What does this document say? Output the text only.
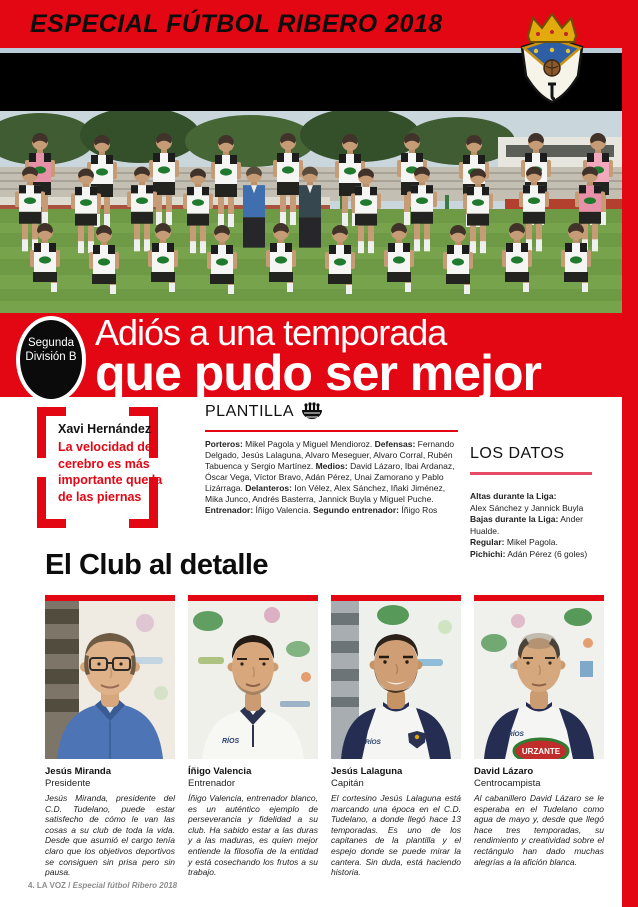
ESPECIAL FÚTBOL RIBERO 2018
Segunda
División B
Adiós a una temporada
que pudo ser mejor
Xavi Hernández
La velocidad del cerebro es más importante que la de las piernas
PLANTILLA
Porteros: Mikel Pagola y Miguel Mendioroz. Defensas: Fernando Delgado, Jesús Lalaguna, Alvaro Meseguer, Alvaro Corral, Rubén Tabuenca y Sergio Martínez. Medios: David Lázaro, Ibai Ardanaz, Óscar Vega, Víctor Bravo, Adán Pérez, Unai Zamorano y Pablo Lizárraga. Delanteros: Ion Vélez, Alex Sánchez, Iñaki Jiménez, Mika Junco, Andrés Basterra, Jannick Buyla y Miguel Puche. Entrenador: Íñigo Valencia. Segundo entrenador: Íñigo Ros
LOS DATOS
Altas durante la Liga:
Alex Sánchez y Jannick Buyla
Bajas durante la Liga: Ander Hualde.
Regular: Mikel Pagola.
Pichichi: Adán Pérez (6 goles)
El Club al detalle
Jesús Miranda
Presidente
Jesús Miranda, presidente del C.D. Tudelano, puede estar satisfecho de cómo le van las cosas a su club de toda la vida. Desde que asumió el cargo tenía claro que los objetivos deportivos se consiguen sin prisa pero sin pausa.
RÍOS
Íñigo Valencia
Entrenador
Íñigo Valencia, entrenador blanco, es un auténtico ejemplo de perseverancia y fidelidad a su club. Ha sabido estar a las duras y a las maduras, es quien mejor entiende la filosofía de la entidad y está cosechando los frutos a su trabajo.
RÍOS
Jesús Lalaguna
Capitán
El cortesino Jesús Lalaguna está marcando una época en el C.D. Tudelano, a donde llegó hace 13 temporadas. Es uno de los capitanes de la plantilla y el espejo donde se puede mirar la cantera. Sin duda, está haciendo historia.
RÍOS
URZANTE
David Lázaro
Centrocampista
Al cabanillero David Lázaro se le esperaba en el Tudelano como agua de mayo y, desde que llegó hace tres temporadas, su rendimiento y creatividad sobre el rectángulo han dado muchas alegrías a la afición blanca.
4. LA VOZ / Especial fútbol Ribero 2018
